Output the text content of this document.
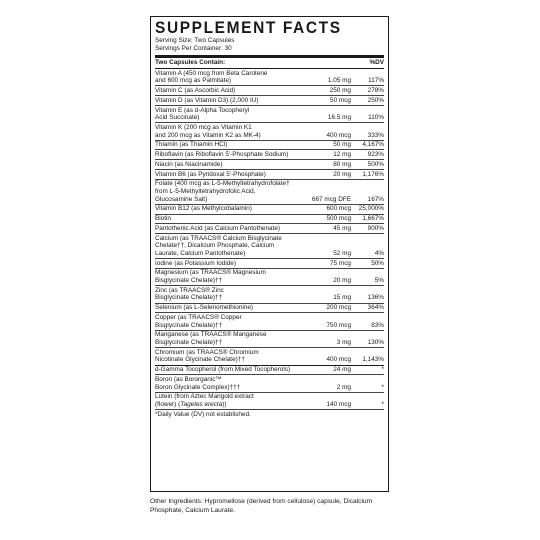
SUPPLEMENT FACTS
Serving Size: Two Capsules
Servings Per Container: 30
Two Capsules Contain:	%DV
Vitamin A (450 mcg from Beta Carotene
and 600 mcg as Palmitate)	1.05 mg	117%
Vitamin C (as Ascorbic Acid)	250 mg	278%
Vitamin D (as Vitamin D3) (2,000 IU)	50 mcg	250%
Vitamin E (as d-Alpha Tocopheryl
Acid Succinate)	16.5 mg	110%
Vitamin K (200 mcg as Vitamin K1
and 200 mcg as Vitamin K2 as MK-4)	400 mcg	333%
Thiamin (as Thiamin HCl)	50 mg	4,167%
Riboflavin (as Riboflavin 5'-Phosphate Sodium)	12 mg	923%
Niacin (as Niacinamide)	80 mg	500%
Vitamin B6 (as Pyridoxal 5'-Phosphate)	20 mg	1,176%
Folate (400 mcg as L-5-Methyltetrahydrofolate†
from L-5-Methyltetrahydrofolic Acid,
Glucosamine Salt)	667 mcg DFE	167%
Vitamin B12 (as Methylcobalamin)	600 mcg	25,000%
Biotin	500 mcg	1,667%
Pantothenic Acid (as Calcium Pantothenate)	45 mg	900%
Calcium (as TRAACS® Calcium Bisglycinate
Chelate††, Dicalcium Phosphate, Calcium
Laurate, Calcium Pantothenate)	52 mg	4%
Iodine (as Potassium Iodide)	75 mcg	50%
Magnesium (as TRAACS® Magnesium
Bisglycinate Chelate)††	20 mg	5%
Zinc (as TRAACS® Zinc
Bisglycinate Chelate)††	15 mg	136%
Selenium (as L-Selenomethionine)	200 mcg	364%
Copper (as TRAACS® Copper
Bisglycinate Chelate)††	750 mcg	83%
Manganese (as TRAACS® Manganese
Bisglycinate Chelate)††	3 mg	130%
Chromium (as TRAACS® Chromium
Nicotinate Glycinate Chelate)††	400 mcg	1,143%
d-Gamma Tocopherol (from Mixed Tocopherols)	24 mg	*
Boron (as Bororganic™
Boron Glycinate Complex)†††	2 mg	*
Lutein (from Aztec Marigold extract
(flower) (Tagetes erecta))	140 mcg	*
*Daily Value (DV) not established.
Other Ingredients: Hypromellose (derived from cellulose) capsule, Dicalcium Phosphate, Calcium Laurate.
